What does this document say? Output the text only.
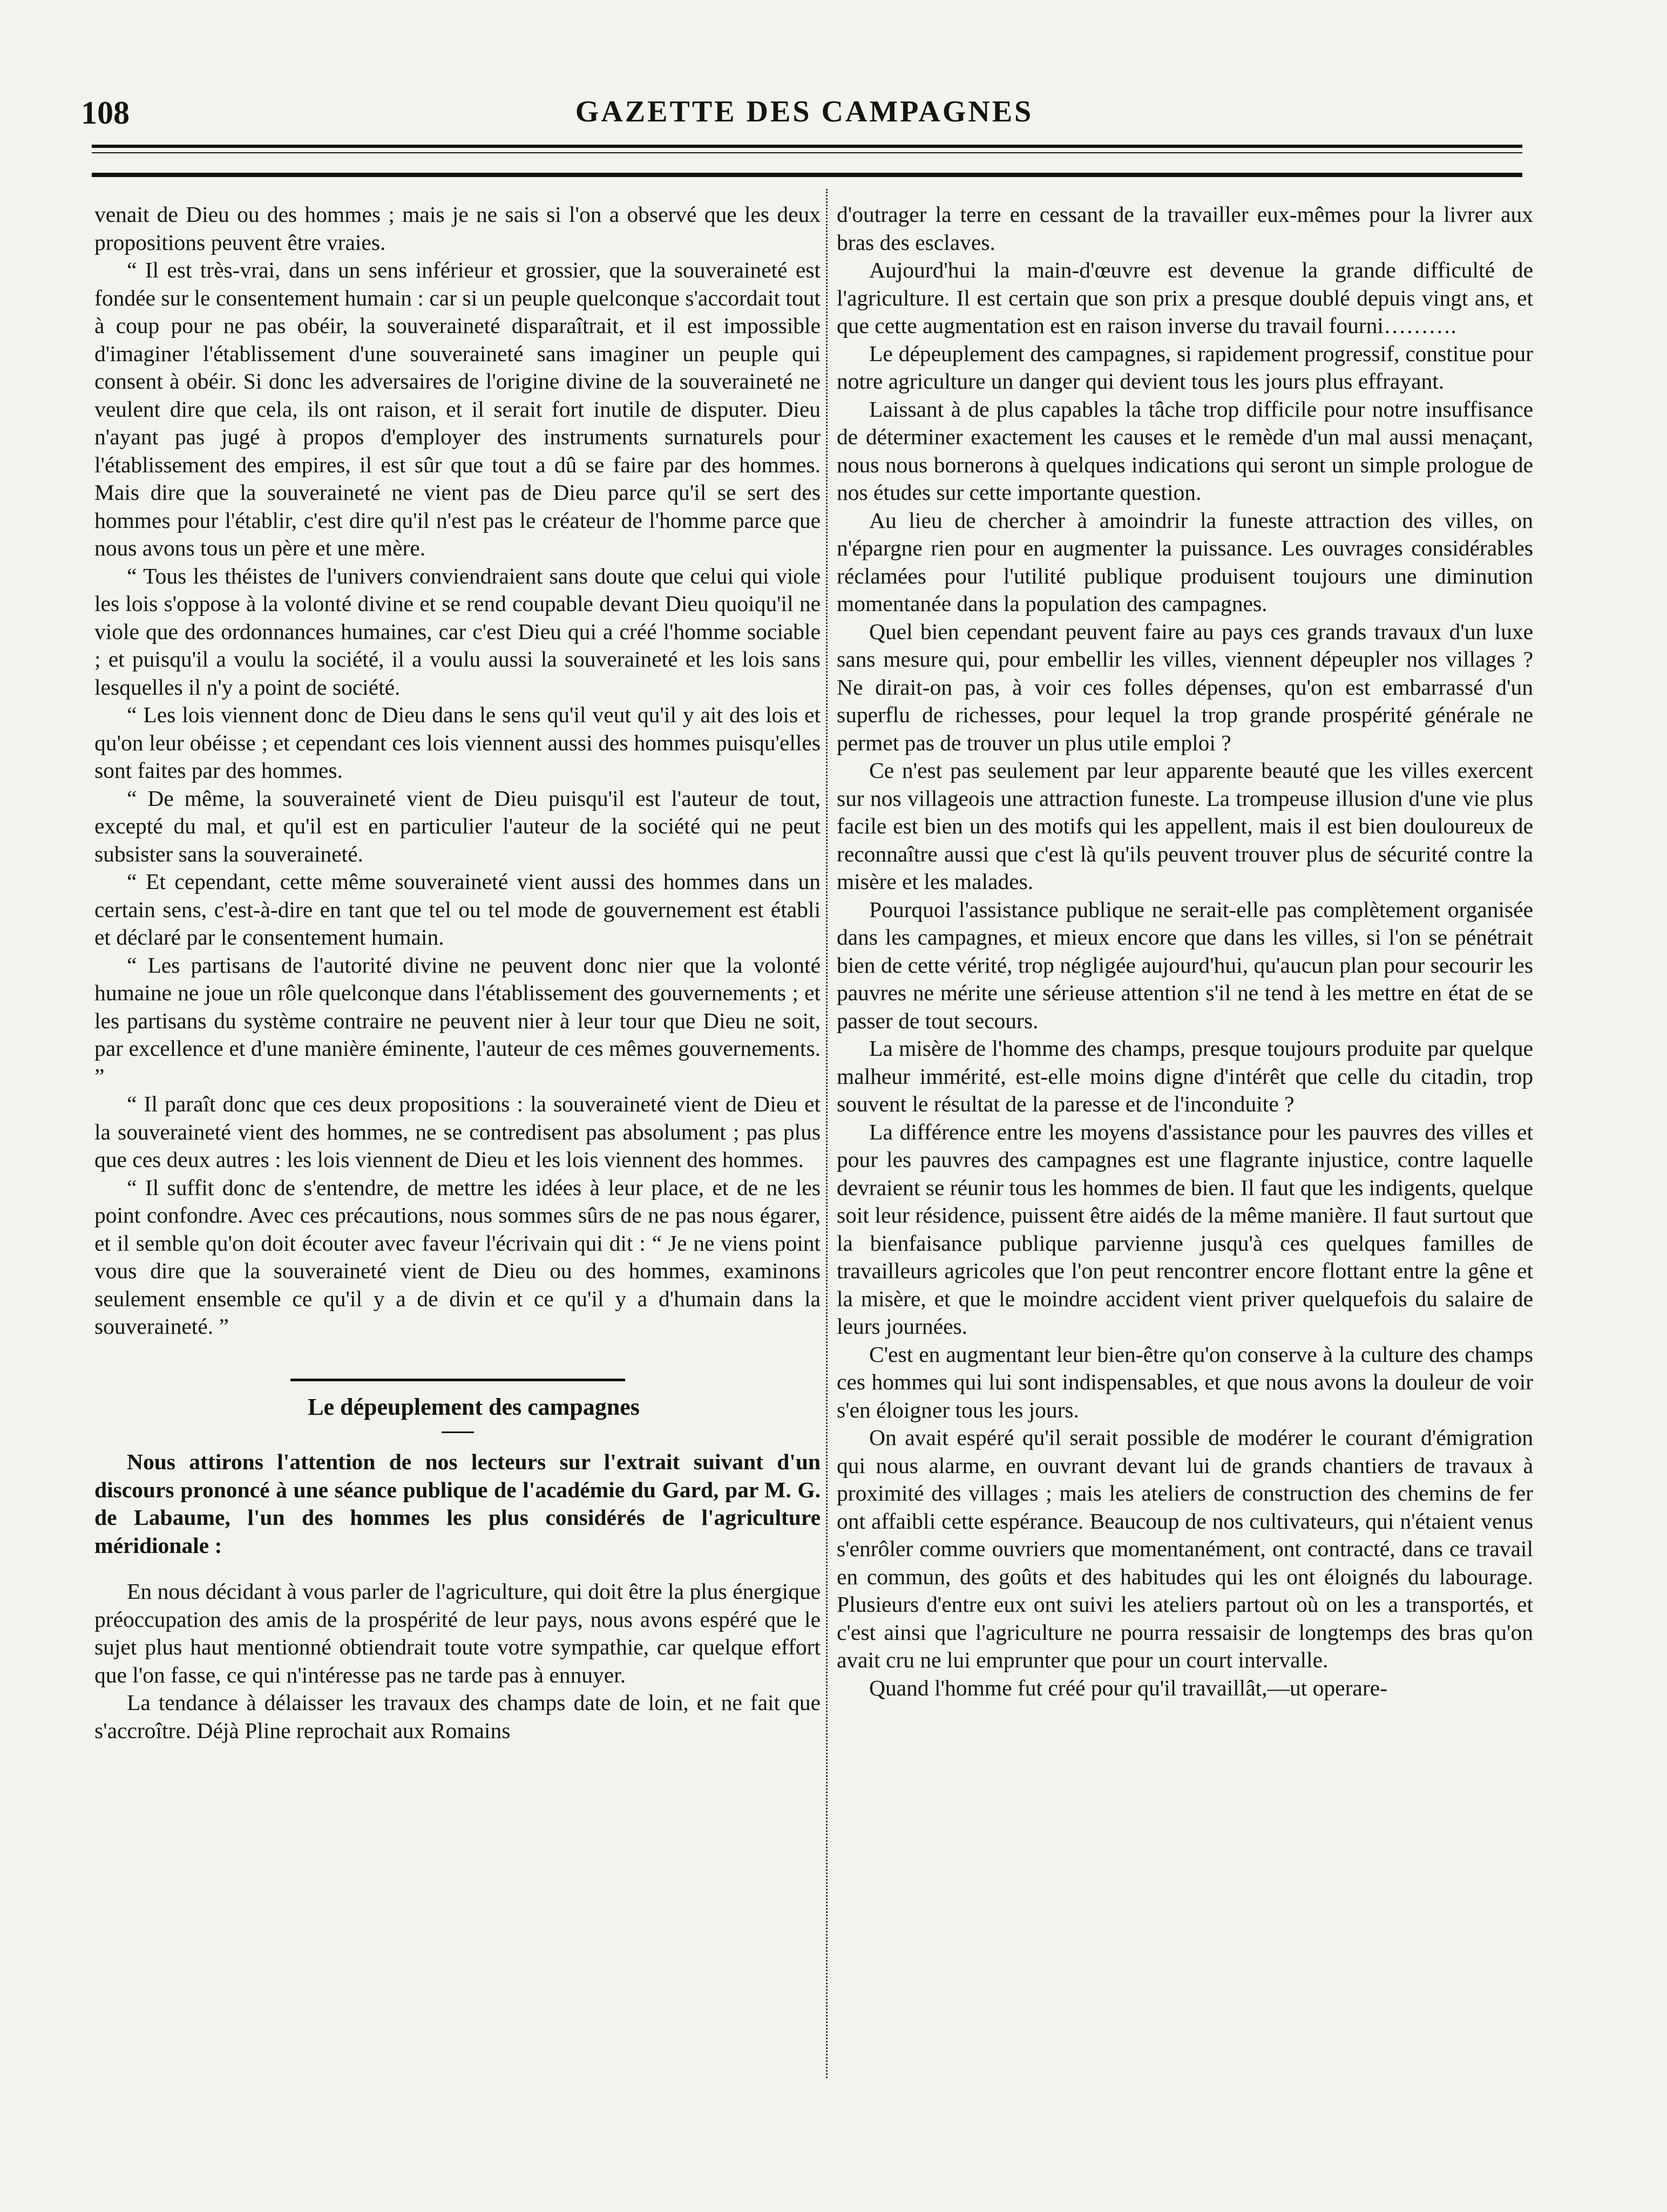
108	GAZETTE DES CAMPAGNES

venait de Dieu ou des hommes ; mais je ne sais si l'on a observé que les deux propositions peuvent être vraies.

“ Il est très-vrai, dans un sens inférieur et grossier, que la souveraineté est fondée sur le consentement humain : car si un peuple quelconque s'accordait tout à coup pour ne pas obéir, la souveraineté disparaîtrait, et il est impossible d'imaginer l'établissement d'une souveraineté sans imaginer un peuple qui consent à obéir. Si donc les adversaires de l'origine divine de la souveraineté ne veulent dire que cela, ils ont raison, et il serait fort inutile de disputer. Dieu n'ayant pas jugé à propos d'employer des instruments surnaturels pour l'établissement des empires, il est sûr que tout a dû se faire par des hommes. Mais dire que la souveraineté ne vient pas de Dieu parce qu'il se sert des hommes pour l'établir, c'est dire qu'il n'est pas le créateur de l'homme parce que nous avons tous un père et une mère.

“ Tous les théistes de l'univers conviendraient sans doute que celui qui viole les lois s'oppose à la volonté divine et se rend coupable devant Dieu quoiqu'il ne viole que des ordonnances humaines, car c'est Dieu qui a créé l'homme sociable ; et puisqu'il a voulu la société, il a voulu aussi la souveraineté et les lois sans lesquelles il n'y a point de société.

“ Les lois viennent donc de Dieu dans le sens qu'il veut qu'il y ait des lois et qu'on leur obéisse ; et cependant ces lois viennent aussi des hommes puisqu'elles sont faites par des hommes.

“ De même, la souveraineté vient de Dieu puisqu'il est l'auteur de tout, excepté du mal, et qu'il est en particulier l'auteur de la société qui ne peut subsister sans la souveraineté.

“ Et cependant, cette même souveraineté vient aussi des hommes dans un certain sens, c'est-à-dire en tant que tel ou tel mode de gouvernement est établi et déclaré par le consentement humain.

“ Les partisans de l'autorité divine ne peuvent donc nier que la volonté humaine ne joue un rôle quelconque dans l'établissement des gouvernements ; et les partisans du système contraire ne peuvent nier à leur tour que Dieu ne soit, par excellence et d'une manière éminente, l'auteur de ces mêmes gouvernements. ”

“ Il paraît donc que ces deux propositions : la souveraineté vient de Dieu et la souveraineté vient des hommes, ne se contredisent pas absolument ; pas plus que ces deux autres : les lois viennent de Dieu et les lois viennent des hommes.

“ Il suffit donc de s'entendre, de mettre les idées à leur place, et de ne les point confondre. Avec ces précautions, nous sommes sûrs de ne pas nous égarer, et il semble qu'on doit écouter avec faveur l'écrivain qui dit : “ Je ne viens point vous dire que la souveraineté vient de Dieu ou des hommes, examinons seulement ensemble ce qu'il y a de divin et ce qu'il y a d'humain dans la souveraineté. ”

Le dépeuplement des campagnes

Nous attirons l'attention de nos lecteurs sur l'extrait suivant d'un discours prononcé à une séance publique de l'académie du Gard, par M. G. de Labaume, l'un des hommes les plus considérés de l'agriculture méridionale :

En nous décidant à vous parler de l'agriculture, qui doit être la plus énergique préoccupation des amis de la prospérité de leur pays, nous avons espéré que le sujet plus haut mentionné obtiendrait toute votre sympathie, car quelque effort que l'on fasse, ce qui n'intéresse pas ne tarde pas à ennuyer.

La tendance à délaisser les travaux des champs date de loin, et ne fait que s'accroître. Déjà Pline reprochait aux Romains

d'outrager la terre en cessant de la travailler eux-mêmes pour la livrer aux bras des esclaves.

Aujourd'hui la main-d'œuvre est devenue la grande difficulté de l'agriculture. Il est certain que son prix a presque doublé depuis vingt ans, et que cette augmentation est en raison inverse du travail fourni……….

Le dépeuplement des campagnes, si rapidement progressif, constitue pour notre agriculture un danger qui devient tous les jours plus effrayant.

Laissant à de plus capables la tâche trop difficile pour notre insuffisance de déterminer exactement les causes et le remède d'un mal aussi menaçant, nous nous bornerons à quelques indications qui seront un simple prologue de nos études sur cette importante question.

Au lieu de chercher à amoindrir la funeste attraction des villes, on n'épargne rien pour en augmenter la puissance. Les ouvrages considérables réclamées pour l'utilité publique produisent toujours une diminution momentanée dans la population des campagnes.

Quel bien cependant peuvent faire au pays ces grands travaux d'un luxe sans mesure qui, pour embellir les villes, viennent dépeupler nos villages ? Ne dirait-on pas, à voir ces folles dépenses, qu'on est embarrassé d'un superflu de richesses, pour lequel la trop grande prospérité générale ne permet pas de trouver un plus utile emploi ?

Ce n'est pas seulement par leur apparente beauté que les villes exercent sur nos villageois une attraction funeste. La trompeuse illusion d'une vie plus facile est bien un des motifs qui les appellent, mais il est bien douloureux de reconnaître aussi que c'est là qu'ils peuvent trouver plus de sécurité contre la misère et les malades.

Pourquoi l'assistance publique ne serait-elle pas complètement organisée dans les campagnes, et mieux encore que dans les villes, si l'on se pénétrait bien de cette vérité, trop négligée aujourd'hui, qu'aucun plan pour secourir les pauvres ne mérite une sérieuse attention s'il ne tend à les mettre en état de se passer de tout secours.

La misère de l'homme des champs, presque toujours produite par quelque malheur immérité, est-elle moins digne d'intérêt que celle du citadin, trop souvent le résultat de la paresse et de l'inconduite ?

La différence entre les moyens d'assistance pour les pauvres des villes et pour les pauvres des campagnes est une flagrante injustice, contre laquelle devraient se réunir tous les hommes de bien. Il faut que les indigents, quelque soit leur résidence, puissent être aidés de la même manière. Il faut surtout que la bienfaisance publique parvienne jusqu'à ces quelques familles de travailleurs agricoles que l'on peut rencontrer encore flottant entre la gêne et la misère, et que le moindre accident vient priver quelquefois du salaire de leurs journées.

C'est en augmentant leur bien-être qu'on conserve à la culture des champs ces hommes qui lui sont indispensables, et que nous avons la douleur de voir s'en éloigner tous les jours.

On avait espéré qu'il serait possible de modérer le courant d'émigration qui nous alarme, en ouvrant devant lui de grands chantiers de travaux à proximité des villages ; mais les ateliers de construction des chemins de fer ont affaibli cette espérance. Beaucoup de nos cultivateurs, qui n'étaient venus s'enrôler comme ouvriers que momentanément, ont contracté, dans ce travail en commun, des goûts et des habitudes qui les ont éloignés du labourage. Plusieurs d'entre eux ont suivi les ateliers partout où on les a transportés, et c'est ainsi que l'agriculture ne pourra ressaisir de longtemps des bras qu'on avait cru ne lui emprunter que pour un court intervalle.

Quand l'homme fut créé pour qu'il travaillât,—ut operare-
